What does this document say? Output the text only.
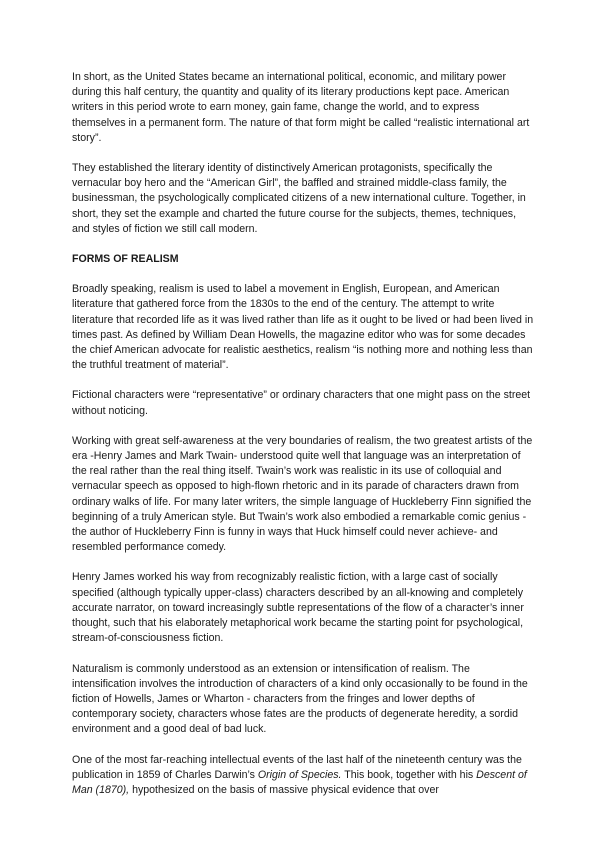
In short, as the United States became an international political, economic, and military power during this half century, the quantity and quality of its literary productions kept pace. American writers in this period wrote to earn money, gain fame, change the world, and to express themselves in a permanent form. The nature of that form might be called “realistic international art story”.

They established the literary identity of distinctively American protagonists, specifically the vernacular boy hero and the “American Girl”, the baffled and strained middle-class family, the businessman, the psychologically complicated citizens of a new international culture. Together, in short, they set the example and charted the future course for the subjects, themes, techniques, and styles of fiction we still call modern.

FORMS OF REALISM

Broadly speaking, realism is used to label a movement in English, European, and American literature that gathered force from the 1830s to the end of the century. The attempt to write literature that recorded life as it was lived rather than life as it ought to be lived or had been lived in times past. As defined by William Dean Howells, the magazine editor who was for some decades the chief American advocate for realistic aesthetics, realism “is nothing more and nothing less than the truthful treatment of material”.

Fictional characters were “representative” or ordinary characters that one might pass on the street without noticing.

Working with great self-awareness at the very boundaries of realism, the two greatest artists of the era -Henry James and Mark Twain- understood quite well that language was an interpretation of the real rather than the real thing itself. Twain’s work was realistic in its use of colloquial and vernacular speech as opposed to high-flown rhetoric and in its parade of characters drawn from ordinary walks of life. For many later writers, the simple language of Huckleberry Finn signified the beginning of a truly American style. But Twain’s work also embodied a remarkable comic genius -the author of Huckleberry Finn is funny in ways that Huck himself could never achieve- and resembled performance comedy.

Henry James worked his way from recognizably realistic fiction, with a large cast of socially specified (although typically upper-class) characters described by an all-knowing and completely accurate narrator, on toward increasingly subtle representations of the flow of a character’s inner thought, such that his elaborately metaphorical work became the starting point for psychological, stream-of-consciousness fiction.

Naturalism is commonly understood as an extension or intensification of realism. The intensification involves the introduction of characters of a kind only occasionally to be found in the fiction of Howells, James or Wharton - characters from the fringes and lower depths of contemporary society, characters whose fates are the products of degenerate heredity, a sordid environment and a good deal of bad luck.

One of the most far-reaching intellectual events of the last half of the nineteenth century was the publication in 1859 of Charles Darwin’s Origin of Species. This book, together with his Descent of Man (1870), hypothesized on the basis of massive physical evidence that over
